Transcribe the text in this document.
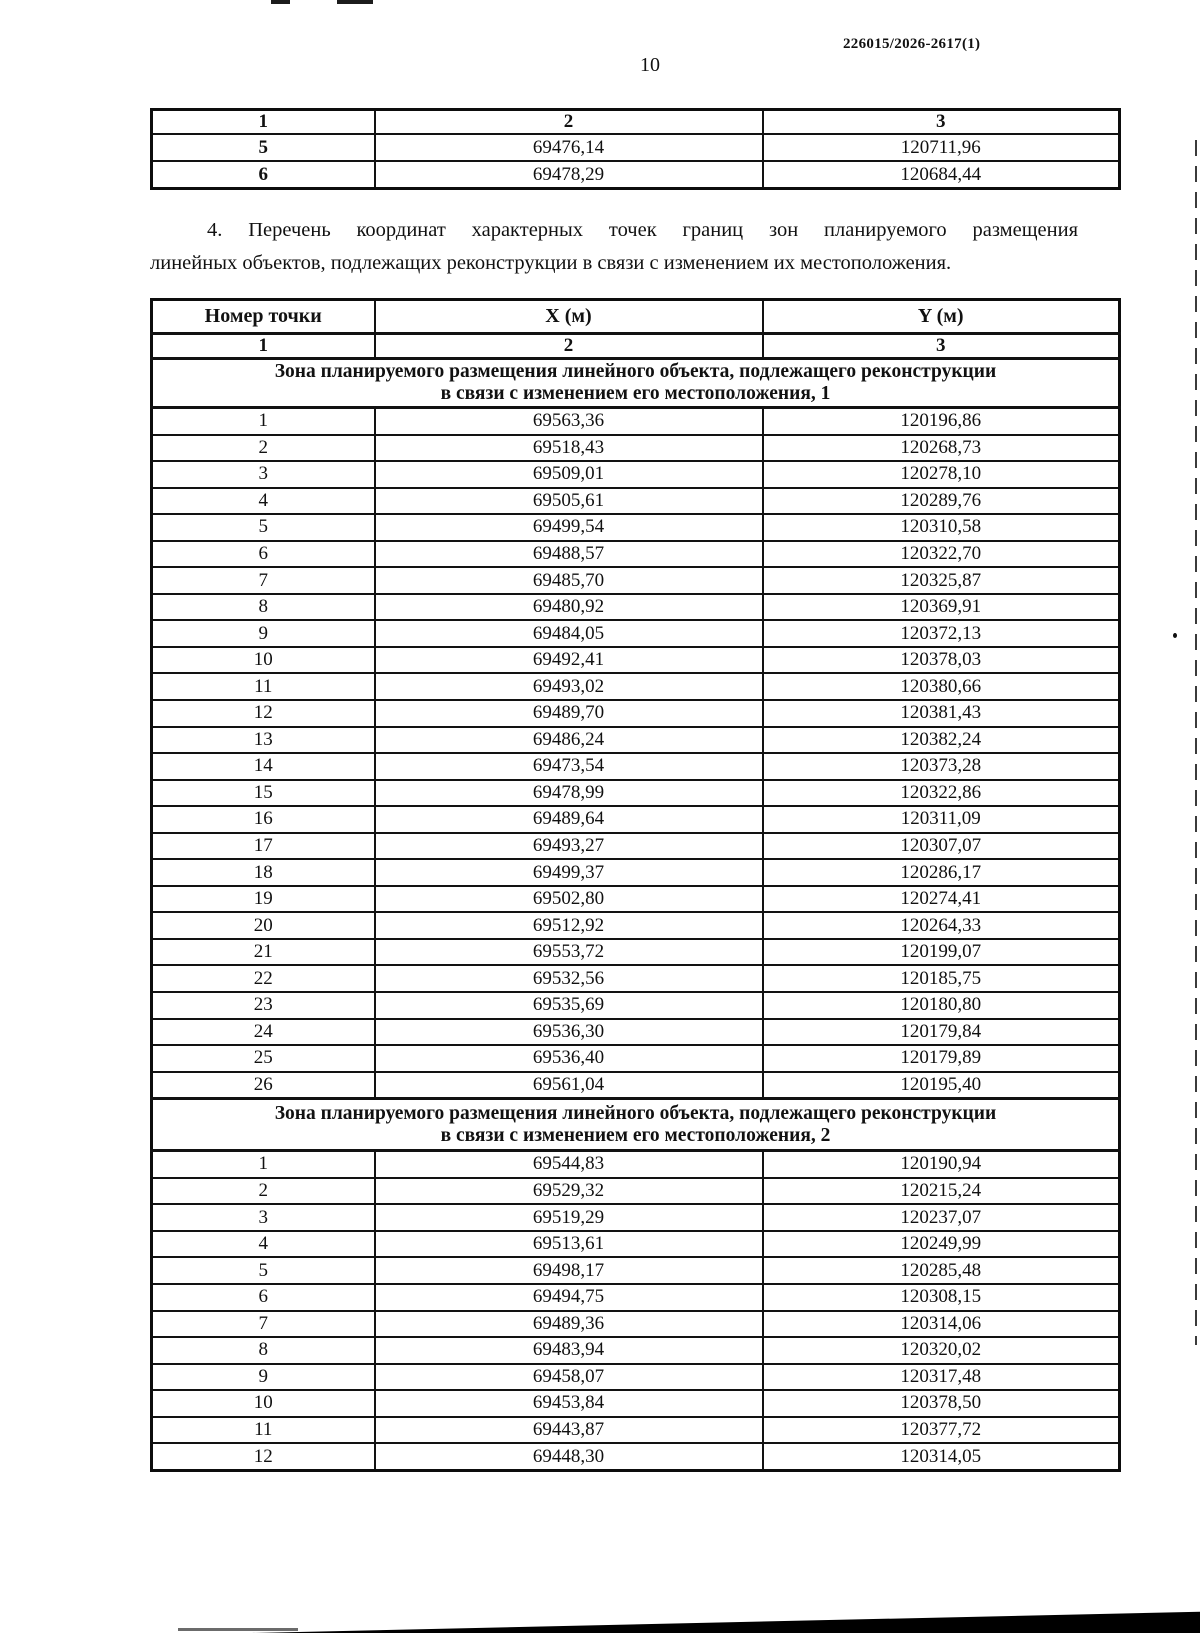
226015/2026-2617(1)
10
1	2	3
5	69476,14	120711,96
6	69478,29	120684,44
4. Перечень координат характерных точек границ зон планируемого размещения
линейных объектов, подлежащих реконструкции в связи с изменением их местоположения.
Номер точки	X (м)	Y (м)
1	2	3

Зона планируемого размещения линейного объекта, подлежащего реконструкции
в связи с изменением его местоположения, 1		

1	69563,36	120196,86
2	69518,43	120268,73
3	69509,01	120278,10
4	69505,61	120289,76
5	69499,54	120310,58
6	69488,57	120322,70
7	69485,70	120325,87
8	69480,92	120369,91
9	69484,05	120372,13
10	69492,41	120378,03
11	69493,02	120380,66
12	69489,70	120381,43
13	69486,24	120382,24
14	69473,54	120373,28
15	69478,99	120322,86
16	69489,64	120311,09
17	69493,27	120307,07
18	69499,37	120286,17
19	69502,80	120274,41
20	69512,92	120264,33
21	69553,72	120199,07
22	69532,56	120185,75
23	69535,69	120180,80
24	69536,30	120179,84
25	69536,40	120179,89
26	69561,04	120195,40

Зона планируемого размещения линейного объекта, подлежащего реконструкции
в связи с изменением его местоположения, 2		

1	69544,83	120190,94
2	69529,32	120215,24
3	69519,29	120237,07
4	69513,61	120249,99
5	69498,17	120285,48
6	69494,75	120308,15
7	69489,36	120314,06
8	69483,94	120320,02
9	69458,07	120317,48
10	69453,84	120378,50
11	69443,87	120377,72
12	69448,30	120314,05
